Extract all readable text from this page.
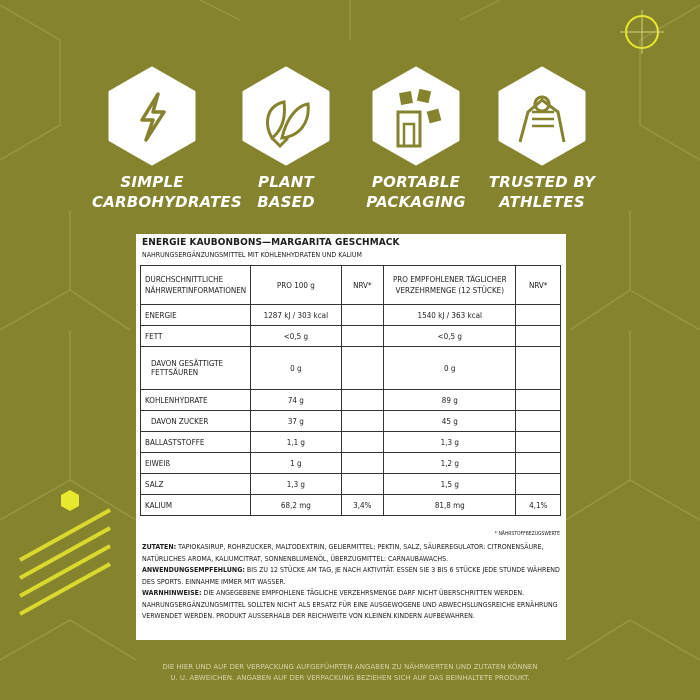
SIMPLE
CARBOHYDRATES
PLANT
BASED
PORTABLE
PACKAGING
TRUSTED BY
ATHLETES
ENERGIE KAUBONBONS—MARGARITA GESCHMACK
NAHRUNGSERGÄNZUNGSMITTEL MIT KOHLENHYDRATEN UND KALIUM
DURCHSCHNITTLICHE NÄHRWERTINFORMATIONEN	PRO 100 g	NRV*	PRO EMPFOHLENER TÄGLICHER VERZEHRMENGE (12 STÜCKE)	NRV*
ENERGIE	1287 kJ / 303 kcal		1540 kJ / 363 kcal	
FETT	<0,5 g		<0,5 g	
DAVON GESÄTTIGTE FETTSÄUREN	0 g		0 g	
KOHLENHYDRATE	74 g		89 g	
DAVON ZUCKER	37 g		45 g	
BALLASTSTOFFE	1,1 g		1,3 g	
EIWEIß	1 g		1,2 g	
SALZ	1,3 g		1,5 g	
KALIUM	68,2 mg	3,4%	81,8 mg	4,1%
* NÄHRSTOFFBEZUGSWERTE
ZUTATEN: TAPIOKASIRUP, ROHRZUCKER, MALTODEXTRIN, GELIERMITTEL: PEKTIN, SALZ, SÄUREREGULATOR: CITRONENSÄURE, NATÜRLICHES AROMA, KALIUMCITRAT, SONNENBLUMENÖL, ÜBERZUGMITTEL: CARNAUBAWACHS.
ANWENDUNGSEMPFEHLUNG: BIS ZU 12 STÜCKE AM TAG, JE NACH AKTIVITÄT. ESSEN SIE 3 BIS 6 STÜCKE JEDE STUNDE WÄHREND DES SPORTS. EINNAHME IMMER MIT WASSER.
WARNHINWEISE: DIE ANGEGEBENE EMPFOHLENE TÄGLICHE VERZEHRSMENGE DARF NICHT ÜBERSCHRITTEN WERDEN. NAHRUNGSERGÄNZUNGSMITTEL SOLLTEN NICHT ALS ERSATZ FÜR EINE AUSGEWOGENE UND ABWECHSLUNGSREICHE ERNÄHRUNG VERWENDET WERDEN. PRODUKT AUSSERHALB DER REICHWEITE VON KLEINEN KINDERN AUFBEWAHREN.
DIE HIER UND AUF DER VERPACKUNG AUFGEFÜHRTEN ANGABEN ZU NÄHRWERTEN UND ZUTATEN KÖNNEN
U. U. ABWEICHEN. ANGABEN AUF DER VERPACKUNG BEZIEHEN SICH AUF DAS BEINHALTETE PRODUKT.
